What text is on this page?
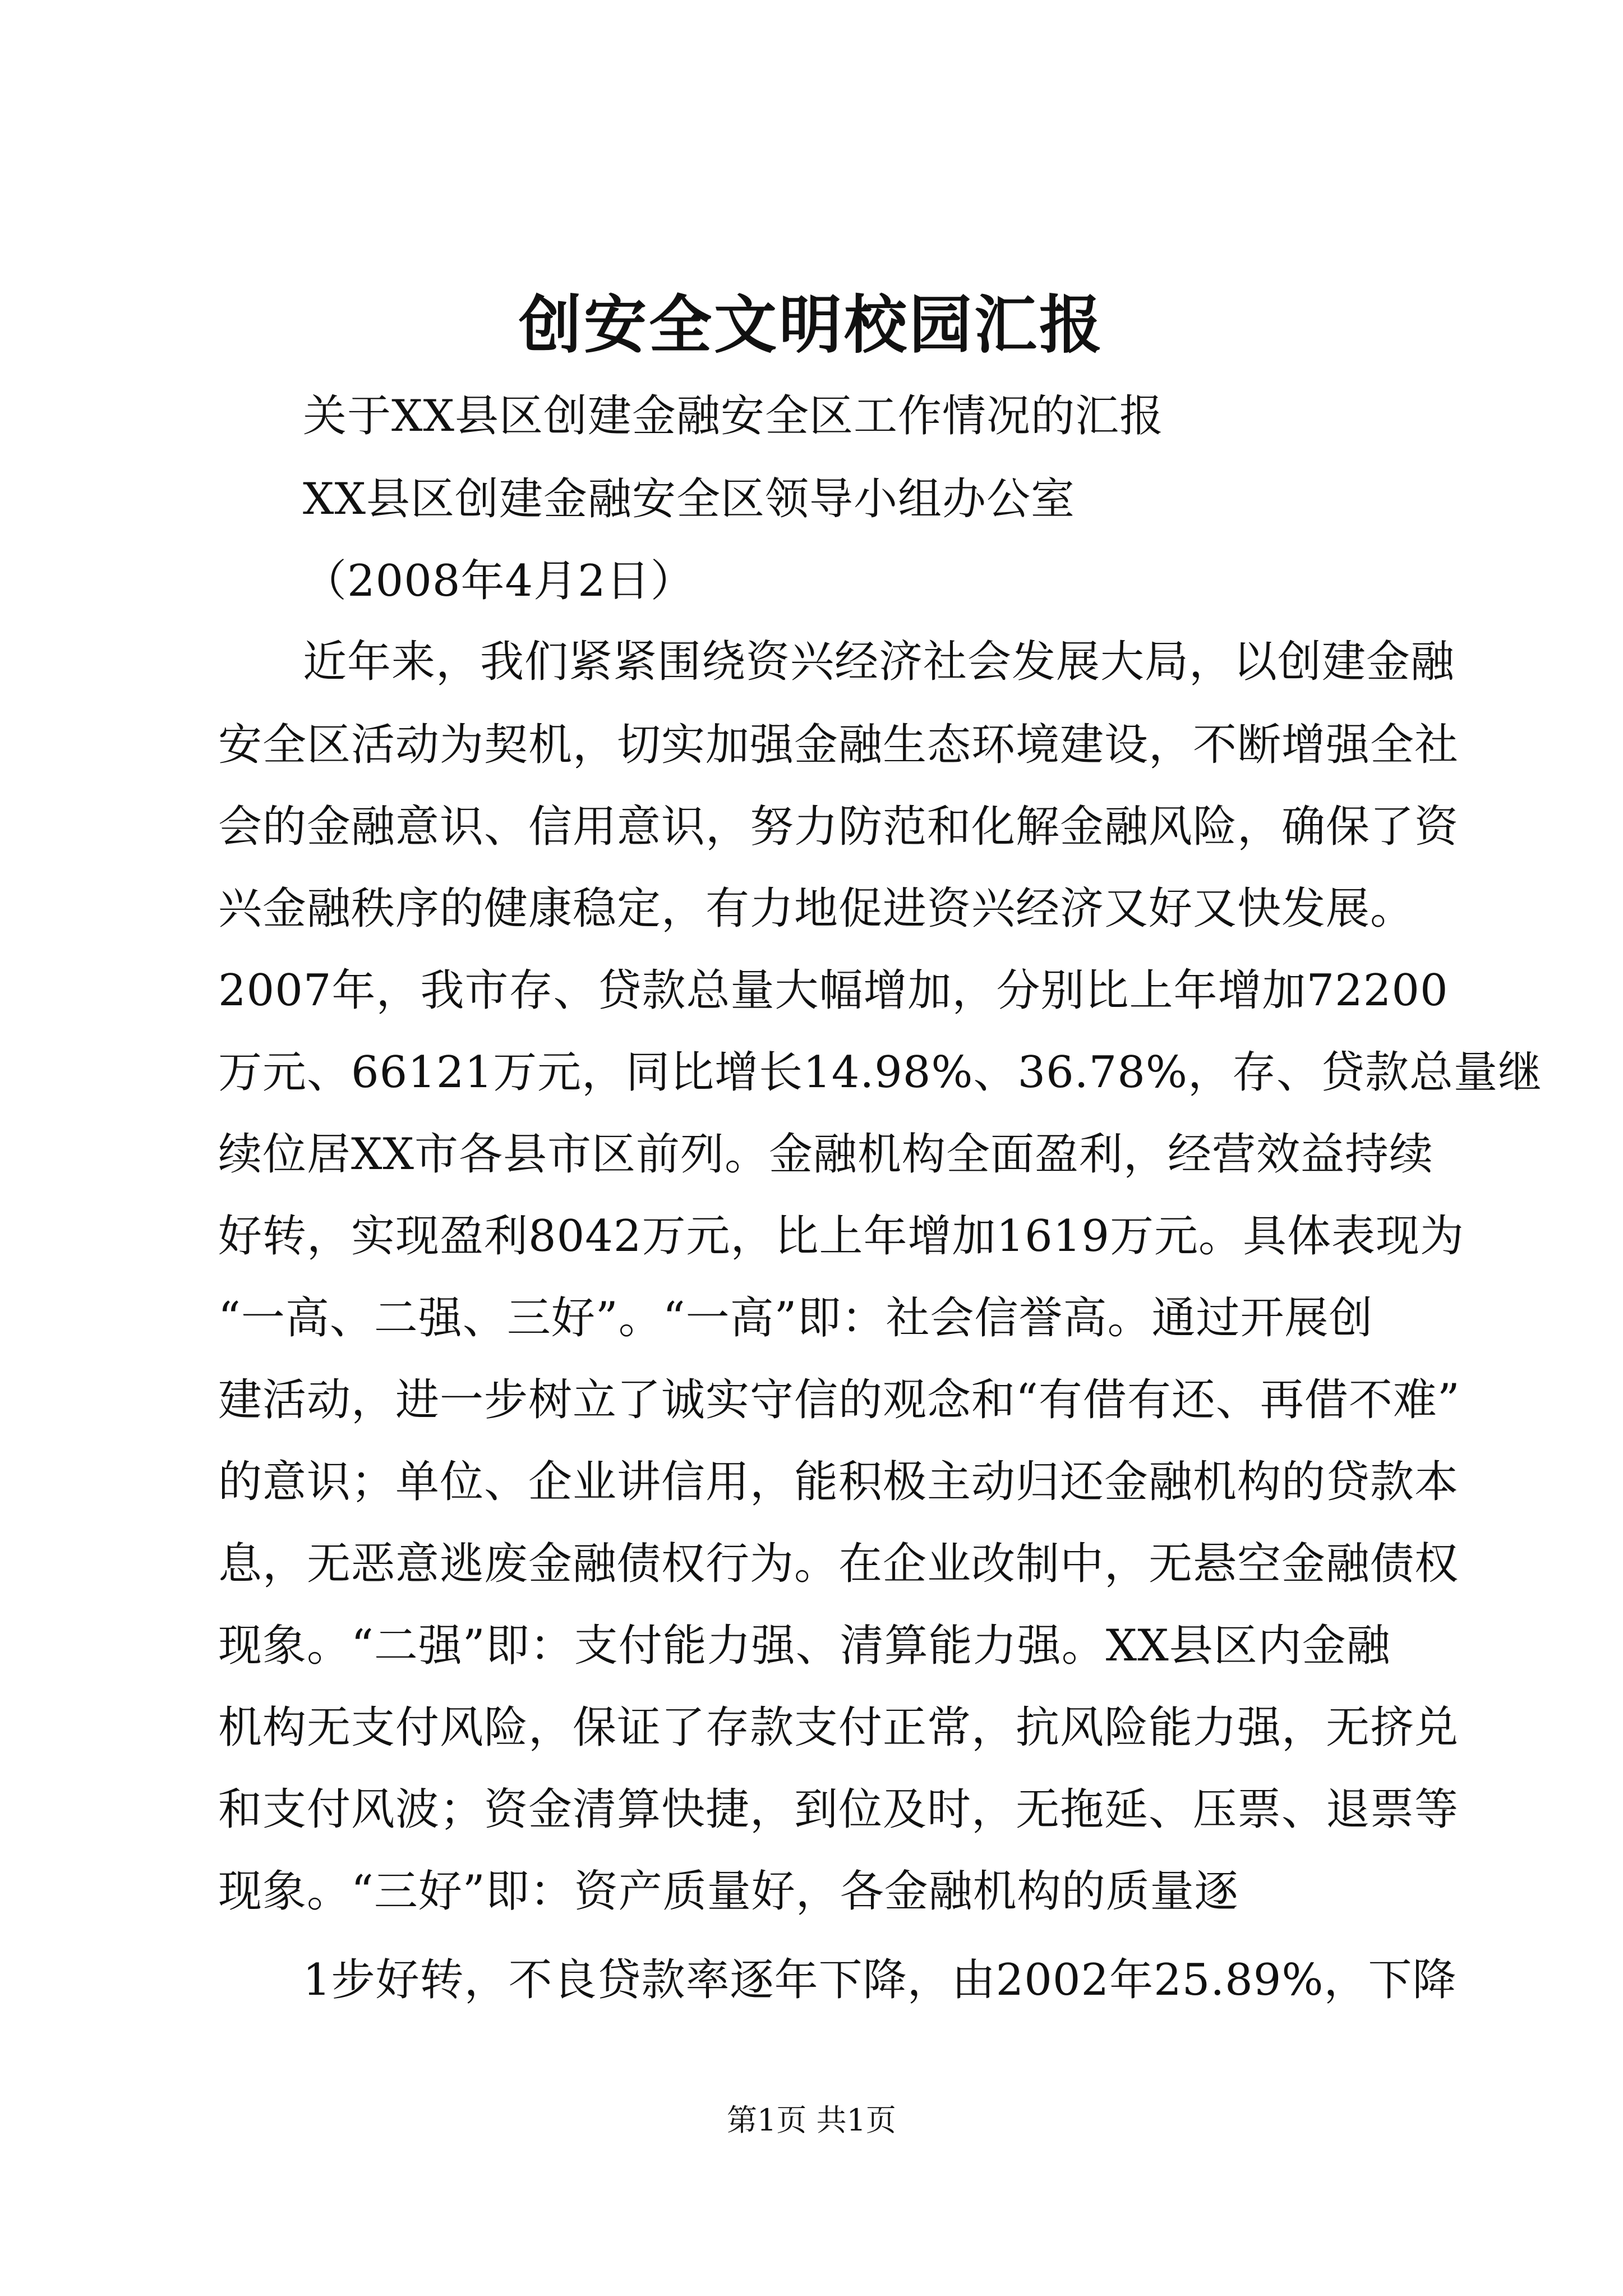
创安全文明校园汇报
关于XX县区创建金融安全区工作情况的汇报
XX县区创建金融安全区领导小组办公室
（2008年4月2日）
近年来，我们紧紧围绕资兴经济社会发展大局，以创建金融
安全区活动为契机，切实加强金融生态环境建设，不断增强全社
会的金融意识、信用意识，努力防范和化解金融风险，确保了资
兴金融秩序的健康稳定，有力地促进资兴经济又好又快发展。
2007年，我市存、贷款总量大幅增加，分别比上年增加72200
万元、66121万元，同比增长14.98%、36.78%，存、贷款总量继
续位居XX市各县市区前列。金融机构全面盈利，经营效益持续
好转，实现盈利8042万元，比上年增加1619万元。具体表现为
“一高、二强、三好”。“一高”即：社会信誉高。通过开展创
建活动，进一步树立了诚实守信的观念和“有借有还、再借不难”
的意识；单位、企业讲信用，能积极主动归还金融机构的贷款本
息，无恶意逃废金融债权行为。在企业改制中，无悬空金融债权
现象。“二强”即：支付能力强、清算能力强。XX县区内金融
机构无支付风险，保证了存款支付正常，抗风险能力强，无挤兑
和支付风波；资金清算快捷，到位及时，无拖延、压票、退票等
现象。“三好”即：资产质量好，各金融机构的质量逐
1步好转，不良贷款率逐年下降，由2002年25.89%，下降
第1页 共1页
